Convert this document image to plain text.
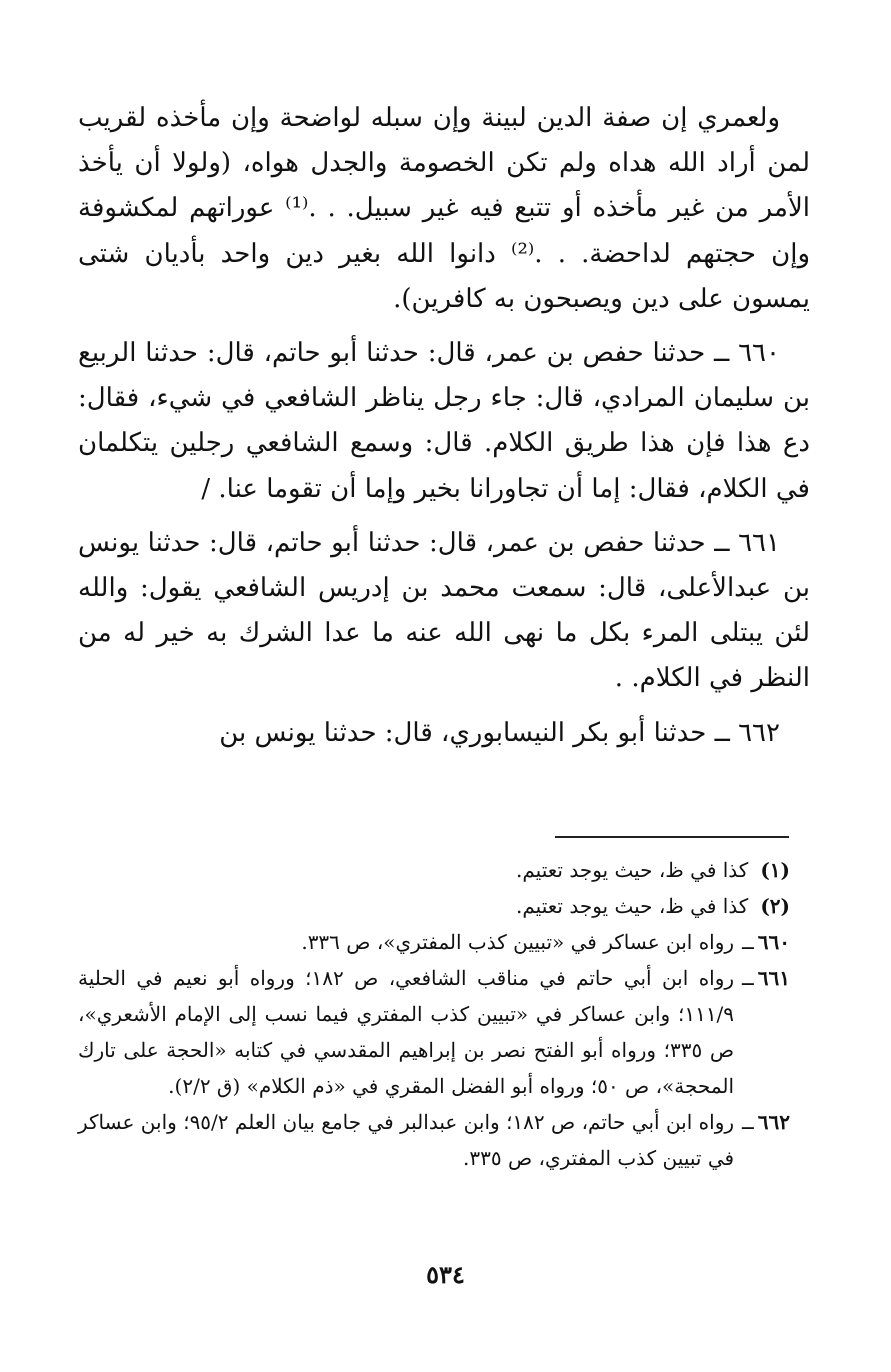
ولعمري إن صفة الدين لبينة وإن سبله لواضحة وإن مأخذه لقريب لمن أراد الله هداه ولم تكن الخصومة والجدل هواه، (ولولا أن يأخذ الأمر من غير مأخذه أو تتبع فيه غير سبيل. . .⁽¹⁾ عوراتهم لمكشوفة وإن حجتهم لداحضة. . .⁽²⁾ دانوا الله بغير دين واحد بأديان شتى يمسون على دين ويصبحون به كافرين).

٦٦٠ ــ حدثنا حفص بن عمر، قال: حدثنا أبو حاتم، قال: حدثنا الربيع بن سليمان المرادي، قال: جاء رجل يناظر الشافعي في شيء، فقال: دع هذا فإن هذا طريق الكلام. قال: وسمع الشافعي رجلين يتكلمان في الكلام، فقال: إما أن تجاورانا بخير وإما أن تقوما عنا. /

٦٦١ ــ حدثنا حفص بن عمر، قال: حدثنا أبو حاتم، قال: حدثنا يونس بن عبدالأعلى، قال: سمعت محمد بن إدريس الشافعي يقول: والله لئن يبتلى المرء بكل ما نهى الله عنه ما عدا الشرك به خير له من النظر في الكلام. .

٦٦٢ ــ حدثنا أبو بكر النيسابوري، قال: حدثنا يونس بن

(١)
كذا في ظ، حيث يوجد تعتيم.
(٢)
كذا في ظ، حيث يوجد تعتيم.
٦٦٠
ــ
رواه ابن عساكر في «تبيين كذب المفتري»، ص ٣٣٦.
٦٦١
ــ
رواه ابن أبي حاتم في مناقب الشافعي، ص ١٨٢؛ ورواه أبو نعيم في الحلية ١١١/٩؛ وابن عساكر في «تبيين كذب المفتري فيما نسب إلى الإمام الأشعري»، ص ٣٣٥؛ ورواه أبو الفتح نصر بن إبراهيم المقدسي في كتابه «الحجة على تارك المحجة»، ص ٥٠؛ ورواه أبو الفضل المقري في «ذم الكلام» (ق ٢/٢).
٦٦٢
ــ
رواه ابن أبي حاتم، ص ١٨٢؛ وابن عبدالبر في جامع بيان العلم ٩٥/٢؛ وابن عساكر في تبيين كذب المفتري، ص ٣٣٥.
٥٣٤
